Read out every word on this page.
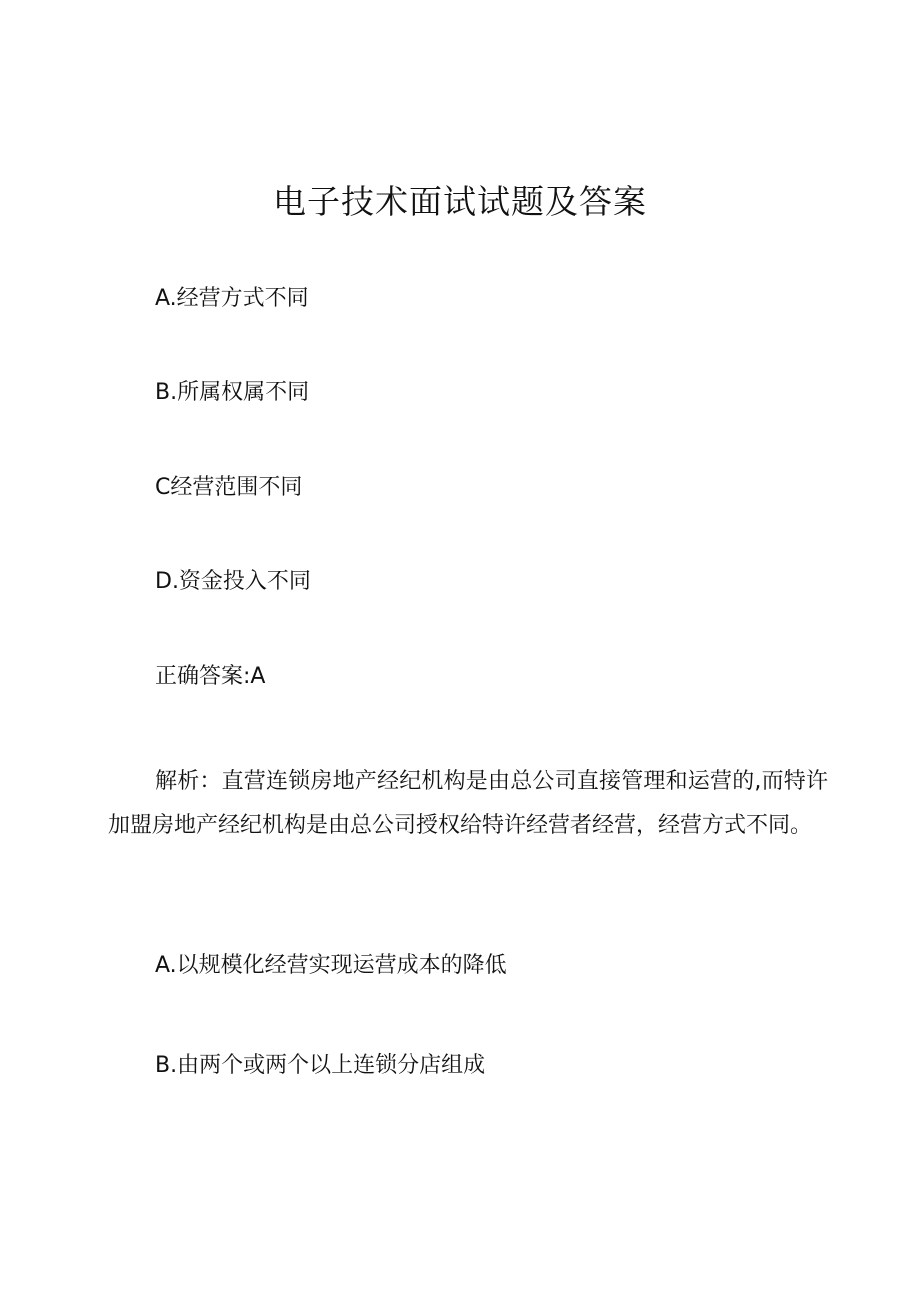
电子技术面试试题及答案

A.经营方式不同

B.所属权属不同

C经营范围不同

D.资金投入不同

正确答案:A

解析：直营连锁房地产经纪机构是由总公司直接管理和运营的,而特许加盟房地产经纪机构是由总公司授权给特许经营者经营，经营方式不同。

A.以规模化经营实现运营成本的降低

B.由两个或两个以上连锁分店组成
